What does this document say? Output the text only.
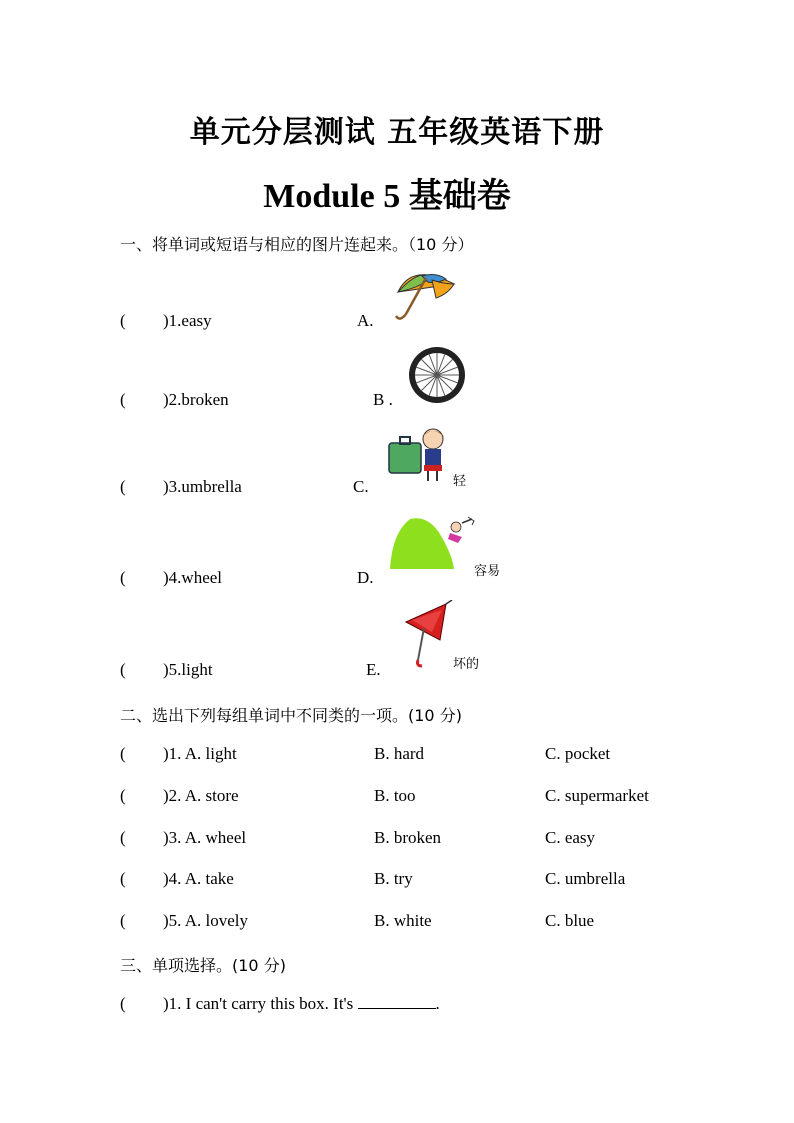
单元分层测试 五年级英语下册
Module 5 基础卷
一、将单词或短语与相应的图片连起来。（10 分）
( )1.easy	A.
( )2.broken	B .
( )3.umbrella	C.	轻
( )4.wheel	D.	容易
( )5.light	E.	坏的
二、选出下列每组单词中不同类的一项。(10 分)
( )1. A. light	B. hard	C. pocket
( )2. A. store	B. too	C. supermarket
( )3. A. wheel	B. broken	C. easy
( )4. A. take	B. try	C. umbrella
( )5. A. lovely	B. white	C. blue
三、单项选择。(10 分)
( )1. I can't carry this box. It's	.
